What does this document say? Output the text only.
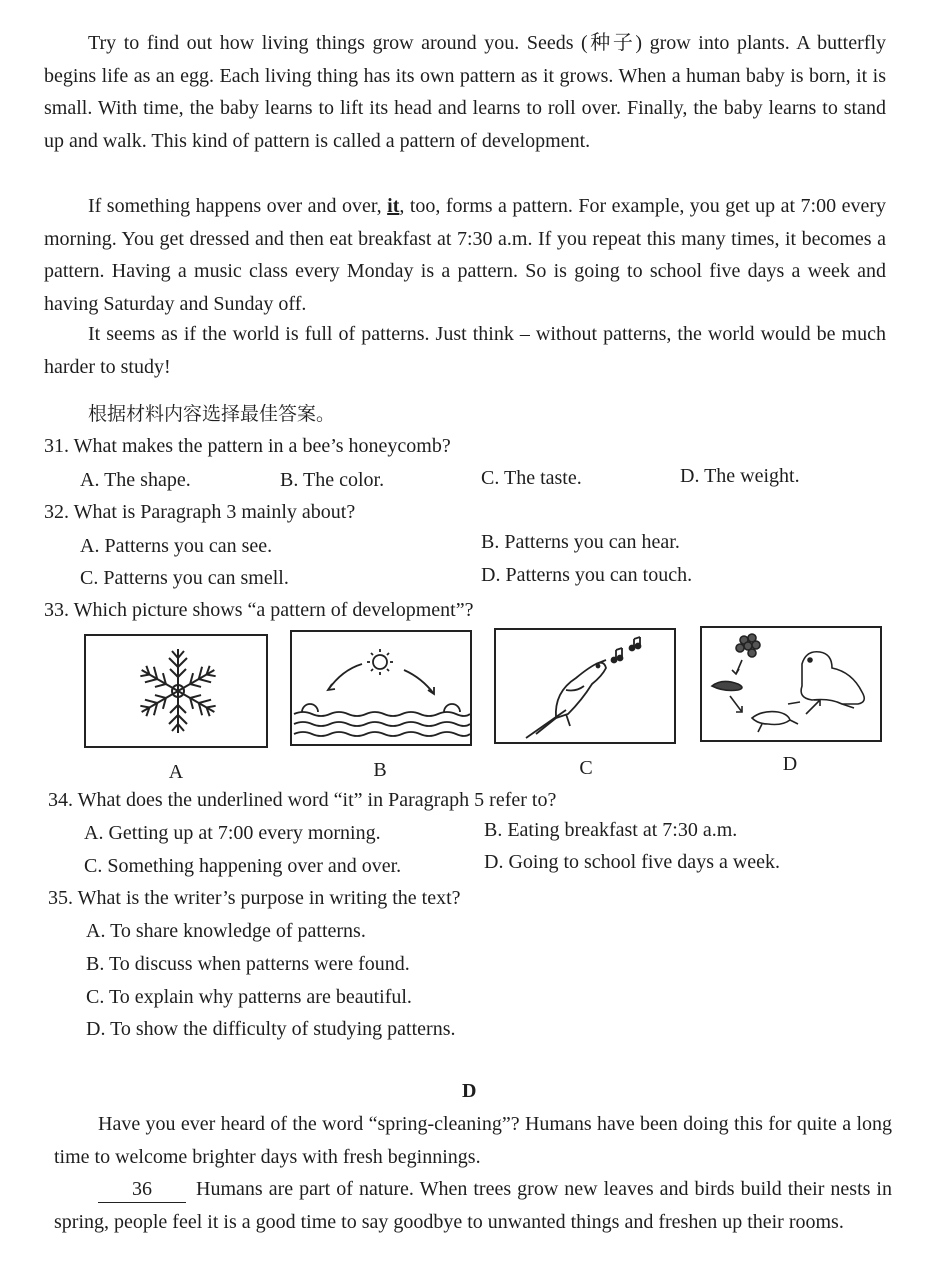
Try to find out how living things grow around you. Seeds (种子) grow into plants. A butterfly begins life as an egg. Each living thing has its own pattern as it grows. When a human baby is born, it is small. With time, the baby learns to lift its head and learns to roll over. Finally, the baby learns to stand up and walk. This kind of pattern is called a pattern of development.

If something happens over and over, it, too, forms a pattern. For example, you get up at 7:00 every morning. You get dressed and then eat breakfast at 7:30 a.m. If you repeat this many times, it becomes a pattern. Having a music class every Monday is a pattern. So is going to school five days a week and having Saturday and Sunday off.

It seems as if the world is full of patterns. Just think – without patterns, the world would be much harder to study!

根据材料内容选择最佳答案。
31. What makes the pattern in a bee’s honeycomb?
A. The shape.	B. The color.	C. The taste.	D. The weight.
32. What is Paragraph 3 mainly about?
A. Patterns you can see.	B. Patterns you can hear.
C. Patterns you can smell.	D. Patterns you can touch.
33. Which picture shows “a pattern of development”?
A	B	C	D
34. What does the underlined word “it” in Paragraph 5 refer to?
A. Getting up at 7:00 every morning.	B. Eating breakfast at 7:30 a.m.
C. Something happening over and over.	D. Going to school five days a week.
35. What is the writer’s purpose in writing the text?
A. To share knowledge of patterns.
B. To discuss when patterns were found.
C. To explain why patterns are beautiful.
D. To show the difficulty of studying patterns.
D

Have you ever heard of the word “spring-cleaning”? Humans have been doing this for quite a long time to welcome brighter days with fresh beginnings.

36 Humans are part of nature. When trees grow new leaves and birds build their nests in spring, people feel it is a good time to say goodbye to unwanted things and freshen up their rooms.
